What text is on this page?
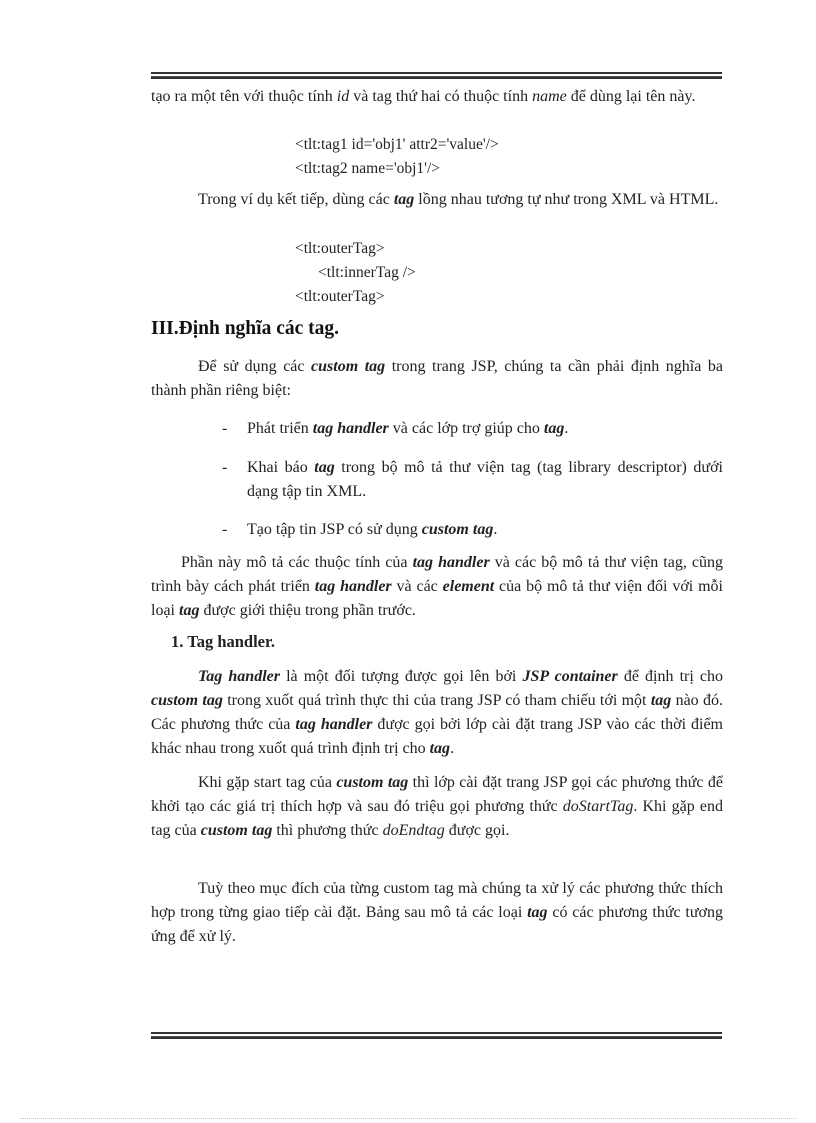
tạo ra một tên với thuộc tính id và tag thứ hai có thuộc tính name để dùng lại tên này.

<tlt:tag1 id='obj1' attr2='value'/>
<tlt:tag2 name='obj1'/>

Trong ví dụ kết tiếp, dùng các tag lồng nhau tương tự như trong XML và HTML.

<tlt:outerTag>
<tlt:innerTag />
<tlt:outerTag>
III.Định nghĩa các tag.

Để sử dụng các custom tag trong trang JSP, chúng ta cần phải định nghĩa ba thành phần riêng biệt:

- Phát triển tag handler và các lớp trợ giúp cho tag.

- Khai báo tag trong bộ mô tả thư viện tag (tag library descriptor) dưới dạng tập tin XML.

- Tạo tập tin JSP có sử dụng custom tag.

Phần này mô tả các thuộc tính của tag handler và các bộ mô tả thư viện tag, cũng trình bày cách phát triển tag handler và các element của bộ mô tả thư viện đối với mỗi loại tag được giới thiệu trong phần trước.

1. Tag handler.

Tag handler là một đối tượng được gọi lên bởi JSP container để định trị cho custom tag trong xuốt quá trình thực thi của trang JSP có tham chiếu tới một tag nào đó. Các phương thức của tag handler được gọi bởi lớp cài đặt trang JSP vào các thời điểm khác nhau trong xuốt quá trình định trị cho tag.

Khi gặp start tag của custom tag thì lớp cài đặt trang JSP gọi các phương thức để khởi tạo các giá trị thích hợp và sau đó triệu gọi phương thức doStartTag. Khi gặp end tag của custom tag thì phương thức doEndtag được gọi.

Tuỳ theo mục đích của từng custom tag mà chúng ta xử lý các phương thức thích hợp trong từng giao tiếp cài đặt. Bảng sau mô tả các loại tag có các phương thức tương ứng để xử lý.
